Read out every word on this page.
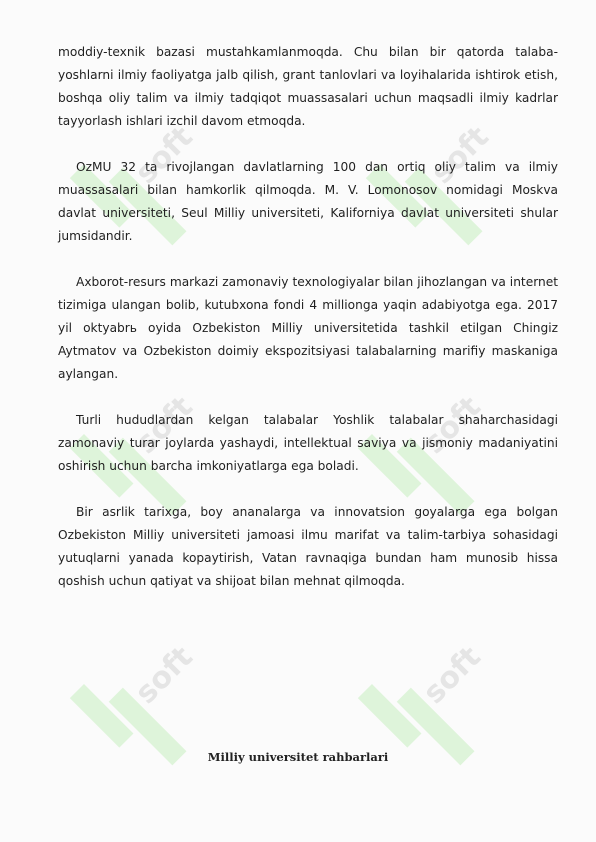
soft	soft
soft	soft
soft	soft

moddiy-texnik bazasi mustahkamlanmoqda. Chu bilan bir qatorda talaba-yoshlarni ilmiy faoliyatga jalb qilish, grant tanlovlari va loyihalarida ishtirok etish, boshqa oliy talim va ilmiy tadqiqot muassasalari uchun maqsadli ilmiy kadrlar tayyorlash ishlari izchil davom etmoqda.

OzMU 32 ta rivojlangan davlatlarning 100 dan ortiq oliy talim va ilmiy muassasalari bilan hamkorlik qilmoqda. M. V. Lomonosov nomidagi Moskva davlat universiteti, Seul Milliy universiteti, Kaliforniya davlat universiteti shular jumsidandir.

Axborot-resurs markazi zamonaviy texnologiyalar bilan jihozlangan va internet tizimiga ulangan bolib, kutubxona fondi 4 millionga yaqin adabiyotga ega. 2017 yil oktyabrь oyida Ozbekiston Milliy universitetida tashkil etilgan Chingiz Aytmatov va Ozbekiston doimiy ekspozitsiyasi talabalarning marifiy maskaniga aylangan.

Turli hududlardan kelgan talabalar Yoshlik talabalar shaharchasidagi zamonaviy turar joylarda yashaydi, intellektual saviya va jismoniy madaniyatini oshirish uchun barcha imkoniyatlarga ega boladi.

Bir asrlik tarixga, boy ananalarga va innovatsion goyalarga ega bolgan Ozbekiston Milliy universiteti jamoasi ilmu marifat va talim-tarbiya sohasidagi yutuqlarni yanada kopaytirish, Vatan ravnaqiga bundan ham munosib hissa qoshish uchun qatiyat va shijoat bilan mehnat qilmoqda.

Milliy universitet rahbarlari
